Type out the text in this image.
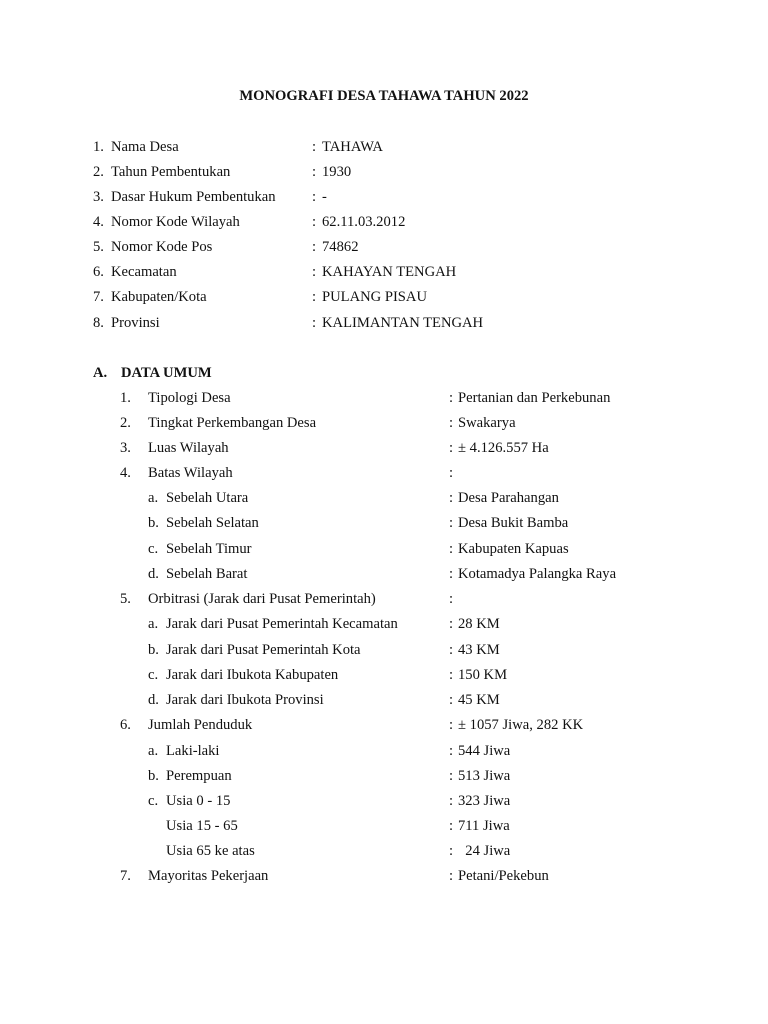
MONOGRAFI DESA TAHAWA TAHUN 2022
1. Nama Desa	: TAHAWA
2. Tahun Pembentukan	: 1930
3. Dasar Hukum Pembentukan : -
4. Nomor Kode Wilayah	: 62.11.03.2012
5. Nomor Kode Pos	: 74862
6. Kecamatan	: KAHAYAN TENGAH
7. Kabupaten/Kota	: PULANG PISAU
8. Provinsi	: KALIMANTAN TENGAH
A. DATA UMUM
1. Tipologi Desa	: Pertanian dan Perkebunan
2. Tingkat Perkembangan Desa	: Swakarya
3. Luas Wilayah	: ± 4.126.557 Ha
4. Batas Wilayah	:
a. Sebelah Utara	: Desa Parahangan
b. Sebelah Selatan	: Desa Bukit Bamba
c. Sebelah Timur	: Kabupaten Kapuas
d. Sebelah Barat	: Kotamadya Palangka Raya
5. Orbitrasi (Jarak dari Pusat Pemerintah)	:
a. Jarak dari Pusat Pemerintah Kecamatan	: 28 KM
b. Jarak dari Pusat Pemerintah Kota	: 43 KM
c. Jarak dari Ibukota Kabupaten	: 150 KM
d. Jarak dari Ibukota Provinsi	: 45 KM
6. Jumlah Penduduk	: ± 1057 Jiwa, 282 KK
a. Laki-laki	: 544 Jiwa
b. Perempuan	: 513 Jiwa
c. Usia 0 - 15	: 323 Jiwa
Usia 15 - 65	: 711 Jiwa
Usia 65 ke atas	: 24 Jiwa
7. Mayoritas Pekerjaan	: Petani/Pekebun
